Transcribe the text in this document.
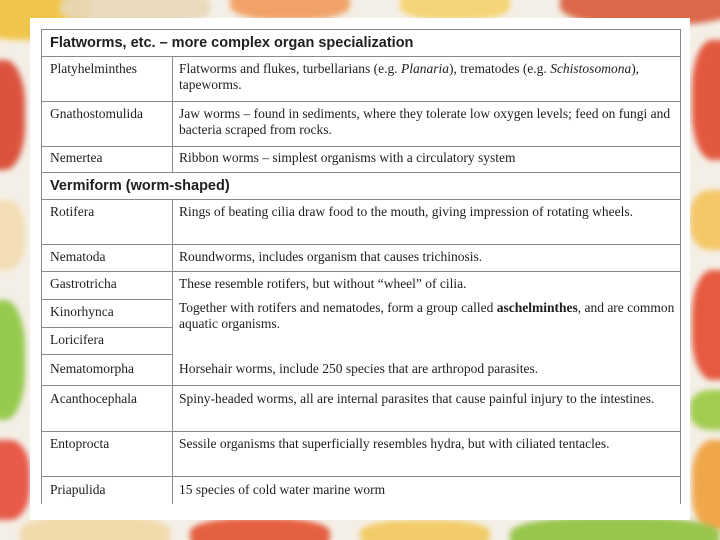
Flatworms, etc. – more complex organ specialization	
Platyhelminthes	Flatworms and flukes, turbellarians (e.g. Planaria), trematodes (e.g. Schistosomona), tapeworms.
Gnathostomulida	Jaw worms – found in sediments, where they tolerate low oxygen levels; feed on fungi and bacteria scraped from rocks.
Nemertea	Ribbon worms – simplest organisms with a circulatory system
Vermiform (worm-shaped)	
Rotifera	Rings of beating cilia draw food to the mouth, giving impression of rotating wheels.
Nematoda	Roundworms, includes organism that causes trichinosis.
Gastrotricha	These resemble rotifers, but without “wheel” of cilia.
Kinorhynca	Together with rotifers and nematodes, form a group called aschelminthes, and are common aquatic organisms.
Loricifera	
Nematomorpha	Horsehair worms, include 250 species that are arthropod parasites.
Acanthocephala	Spiny-headed worms, all are internal parasites that cause painful injury to the intestines.
Entoprocta	Sessile organisms that superficially resembles hydra, but with ciliated tentacles.
Priapulida	15 species of cold water marine worm
